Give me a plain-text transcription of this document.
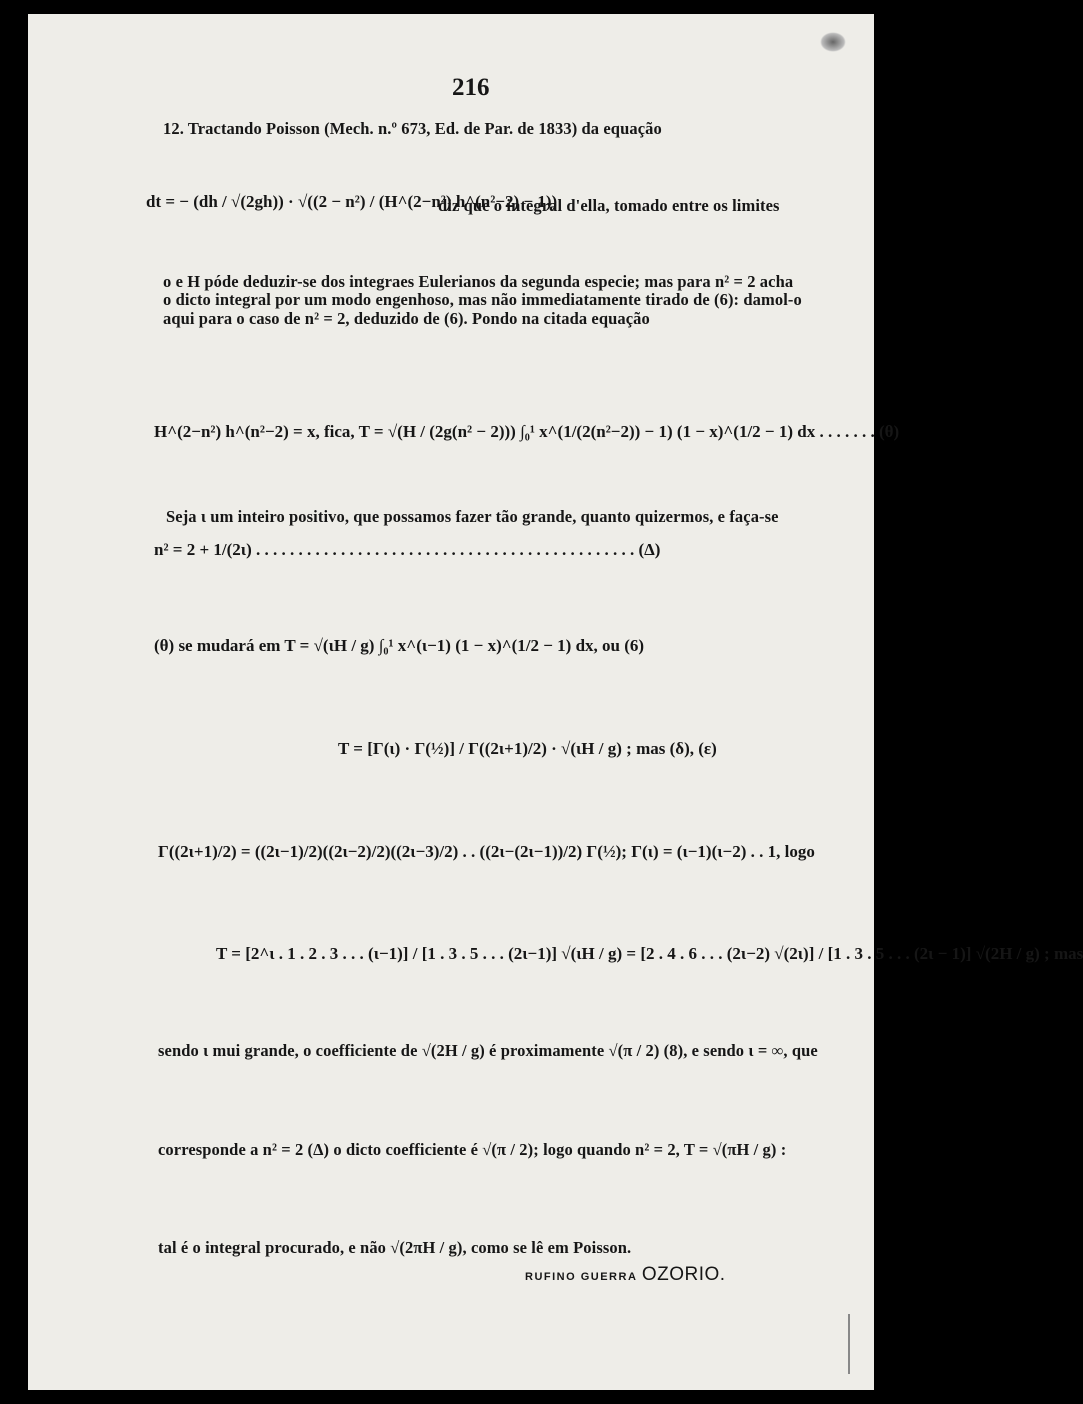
216
12. Tractando Poisson (Mech. n.º 673, Ed. de Par. de 1833) da equação
dt = − (dh / √(2gh)) · √((2 − n²) / (H^(2−n²) h^(n²−2) − 1))
diz que o integral d'ella, tomado entre os limites
o e H póde deduzir-se dos integraes Eulerianos da segunda especie; mas para n² = 2 acha
o dicto integral por um modo engenhoso, mas não immediatamente tirado de (6): damol-o
aqui para o caso de n² = 2, deduzido de (6). Pondo na citada equação
H^(2−n²) h^(n²−2) = x, fica, T = √(H / (2g(n² − 2))) ∫₀¹ x^(1/(2(n²−2)) − 1) (1 − x)^(1/2 − 1) dx . . . . . . . (θ)
Seja ι um inteiro positivo, que possamos fazer tão grande, quanto quizermos, e faça-se
n² = 2 + 1/(2ι) . . . . . . . . . . . . . . . . . . . . . . . . . . . . . . . . . . . . . . . . . . . . . (Δ)
(θ) se mudará em T = √(ιH / g) ∫₀¹ x^(ι−1) (1 − x)^(1/2 − 1) dx, ou (6)
T = [Γ(ι) · Γ(½)] / Γ((2ι+1)/2) · √(ιH / g) ; mas (δ), (ε)
Γ((2ι+1)/2) = ((2ι−1)/2)((2ι−2)/2)((2ι−3)/2) . . ((2ι−(2ι−1))/2) Γ(½); Γ(ι) = (ι−1)(ι−2) . . 1, logo
T = [2^ι . 1 . 2 . 3 . . . (ι−1)] / [1 . 3 . 5 . . . (2ι−1)] √(ιH / g) = [2 . 4 . 6 . . . (2ι−2) √(2ι)] / [1 . 3 . 5 . . . (2ι − 1)] √(2H / g) ; mas
sendo ι mui grande, o coefficiente de √(2H / g) é proximamente √(π / 2) (8), e sendo ι = ∞, que
corresponde a n² = 2 (Δ) o dicto coefficiente é √(π / 2); logo quando n² = 2, T = √(πH / g) :
tal é o integral procurado, e não √(2πH / g), como se lê em Poisson.
RUFINO GUERRA OZORIO.
